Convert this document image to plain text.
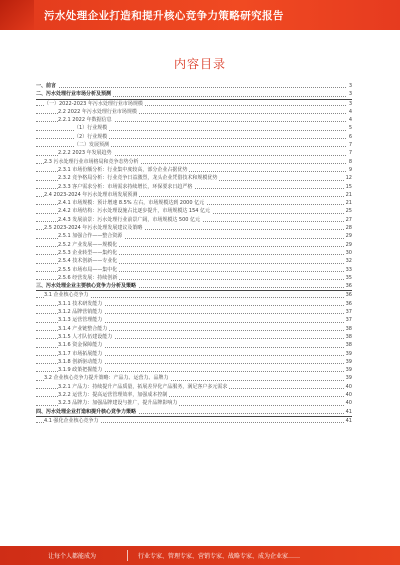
污水处理企业打造和提升核心竞争力策略研究报告
内容目录
一、前言	3
二、污水处理行业市场分析及预测	3
（一）2022-2023 年污水处理行业市场规模	3
2.2 2022 年污水处理行业市场规模	4
2.2.1 2022 年数据信息	4
（1）行业规模	5
（2）行业规模	6
（二）发展预测	7
2.2.2 2023 年发展趋势	7
2.3 污水处理行业市场格局和竞争态势分析	8
2.3.1 市场份额分析：行业集中度较高，部分企业占据优势	9
2.3.2 竞争格局分析：行业竞争日益激烈，龙头企业凭借技术和规模优势	12
2.3.3 客户需求分析：市场需求持续增长，环保要求日趋严格	15
2.4 2023-2024 年污水处理市场发展预测	21
2.4.1 市场规模：预计增速 8.5% 左右，市场规模达到 2000 亿元	21
2.4.2 市场结构：污水处理设施占比逐步提升，市场规模达 154 亿元	25
2.4.3 发展前景：污水处理行业前景广阔，市场规模达 500 亿元	27
2.5 2023-2024 年污水处理发展建议及策略	28
2.5.1 加强合作——整合资源	29
2.5.2 产业发展——规模化	29
2.5.3 企业转型——集约化	30
2.5.4 技术创新——专业化	32
2.5.5 市场布局——集中化	33
2.5.6 经营发展：持续创新	35
三、污水处理企业主要核心竞争力分析及策略	36
3.1 企业核心竞争力	36
3.1.1 技术研发能力	36
3.1.2 品牌营销能力	37
3.1.3 运营管理能力	37
3.1.4 产业链整合能力	38
3.1.5 人才队伍建设能力	38
3.1.6 资金保障能力	38
3.1.7 市场拓展能力	39
3.1.8 创新驱动能力	39
3.1.9 政策把握能力	39
3.2 企业核心竞争力提升策略：产品力、运营力、品牌力	39
3.2.1 产品力：持续提升产品质量，拓展差异化产品服务，满足客户多元需求	40
3.2.2 运营力：提高运营管理效率，加强成本控制	40
3.2.3 品牌力：加强品牌建设与推广，提升品牌影响力	40
四、污水处理企业打造和提升核心竞争力策略	41
4.1 强化企业核心竞争力	41
让每个人都能成为	行业专家、管理专家、营销专家、战略专家、成为企业家……
